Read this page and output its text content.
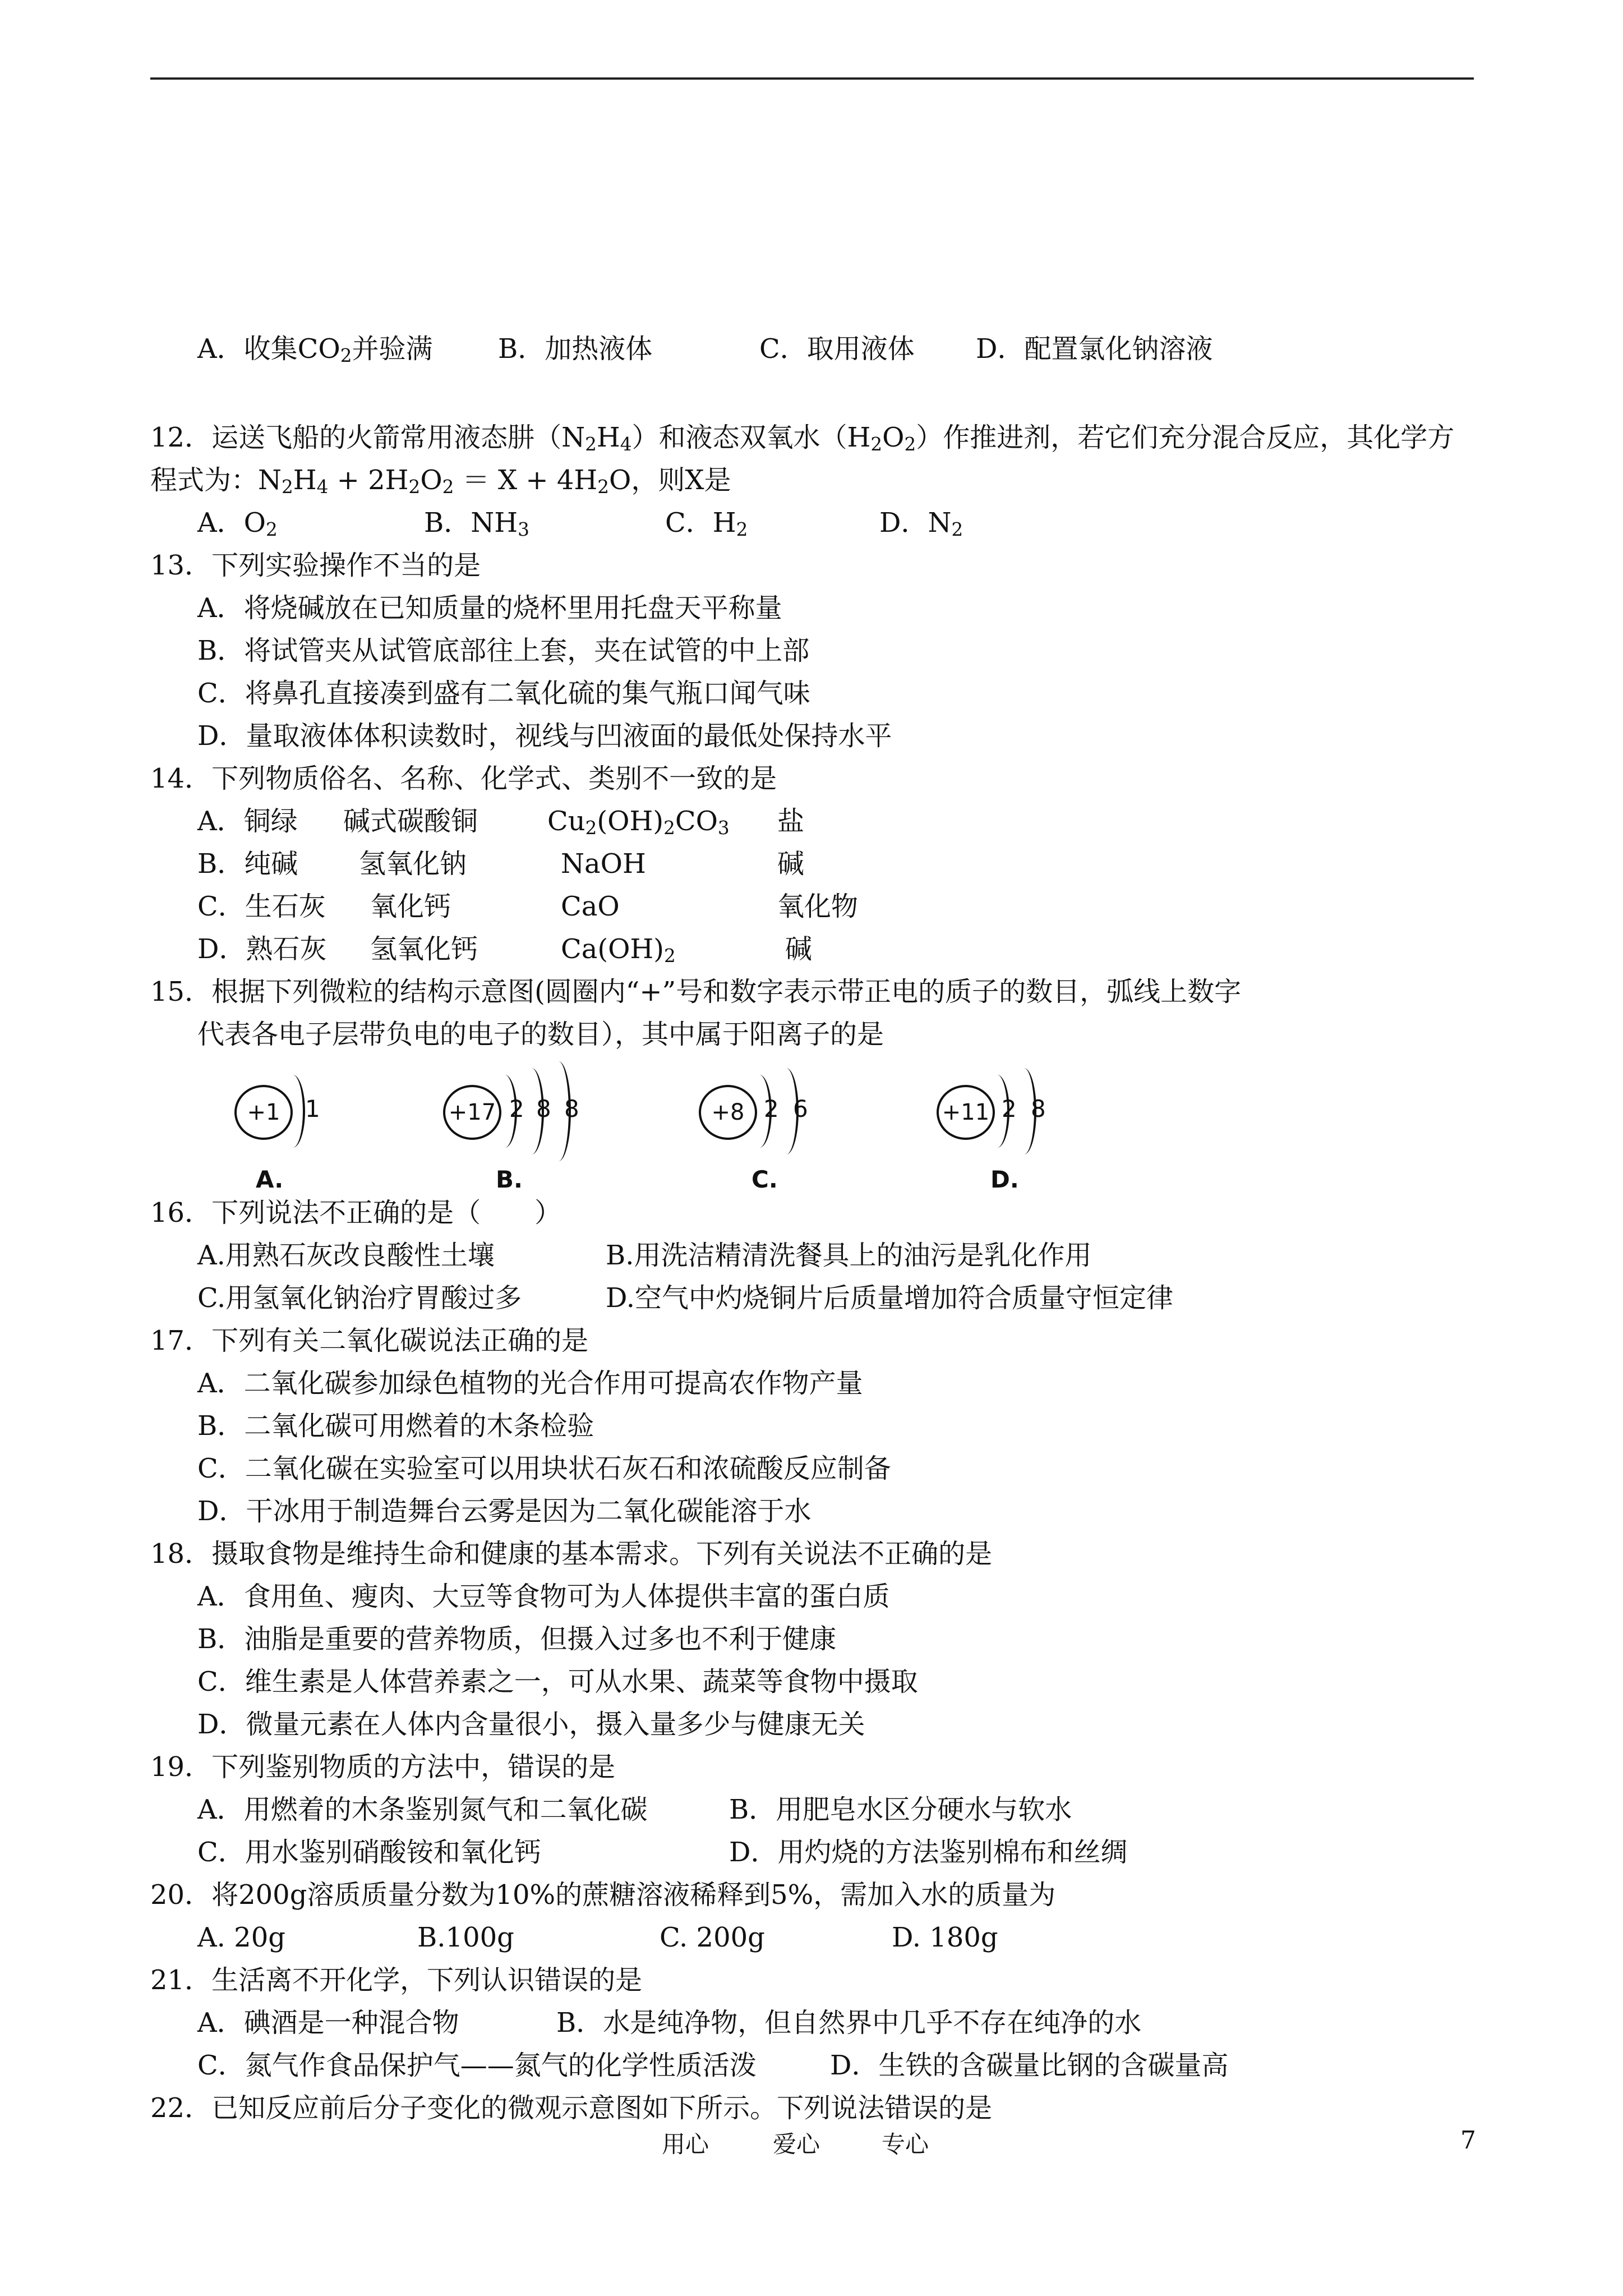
A．收集$CO_2$并验满 B．加热液体	C．取用液体 D．配置氯化钠溶液
12．运送飞船的火箭常用液态肼$(N_2H_4)$和液态双氧水$(H_2O_2)$作推进剂，若它们充分混合反应，其化学方
程式为：$N_2H_4 + 2H_2O_2 = X + 4H_2O$，则X是
A．$O_2$	B．$NH_3$	C．$H_2$	D．$N_2$
13．下列实验操作不当的是
A．将烧碱放在已知质量的烧杯里用托盘天平称量
B．将试管夹从试管底部往上套，夹在试管的中上部
C．将鼻孔直接凑到盛有二氧化硫的集气瓶口闻气味
D．量取液体体积读数时，视线与凹液面的最低处保持水平
14．下列物质俗名、名称、化学式、类别不一致的是
A．铜绿 碱式碳酸铜	$Cu_2(OH)_2CO_3$ 盐
B．纯碱 氢氧化钠	NaOH	碱
C．生石灰 氧化钙	CaO	氧化物
D．熟石灰 氢氧化钙	$Ca(OH)_2$	碱
15．根据下列微粒的结构示意图(圆圈内“+”号和数字表示带正电的质子的数目，弧线上数字
代表各电子层带负电的电子的数目），其中属于阳离子的是
+1	1
A.
+17 2 8 8
B.
+8 2 6
C.
+11 2 8
D.
16．下列说法不正确的是（　　）
A.用熟石灰改良酸性土壤	B.用洗洁精清洗餐具上的油污是乳化作用
C.用氢氧化钠治疗胃酸过多	D.空气中灼烧铜片后质量增加符合质量守恒定律
17．下列有关二氧化碳说法正确的是
A．二氧化碳参加绿色植物的光合作用可提高农作物产量
B．二氧化碳可用燃着的木条检验
C．二氧化碳在实验室可以用块状石灰石和浓硫酸反应制备
D．干冰用于制造舞台云雾是因为二氧化碳能溶于水
18．摄取食物是维持生命和健康的基本需求。下列有关说法不正确的是
A．食用鱼、瘦肉、大豆等食物可为人体提供丰富的蛋白质
B．油脂是重要的营养物质，但摄入过多也不利于健康
C．维生素是人体营养素之一，可从水果、蔬菜等食物中摄取
D．微量元素在人体内含量很小，摄入量多少与健康无关
19．下列鉴别物质的方法中，错误的是
A．用燃着的木条鉴别氮气和二氧化碳	B．用肥皂水区分硬水与软水
C．用水鉴别硝酸铵和氧化钙	D．用灼烧的方法鉴别棉布和丝绸
20．将200g溶质质量分数为10%的蔗糖溶液稀释到5%，需加入水的质量为
A. 20g	B.100g	C. 200g	D. 180g
21．生活离不开化学，下列认识错误的是
A．碘酒是一种混合物	B．水是纯净物，但自然界中几乎不存在纯净的水
C．氮气作食品保护气——氮气的化学性质活泼	D．生铁的含碳量比钢的含碳量高
22．已知反应前后分子变化的微观示意图如下所示。下列说法错误的是
用心	爱心	专心	7
